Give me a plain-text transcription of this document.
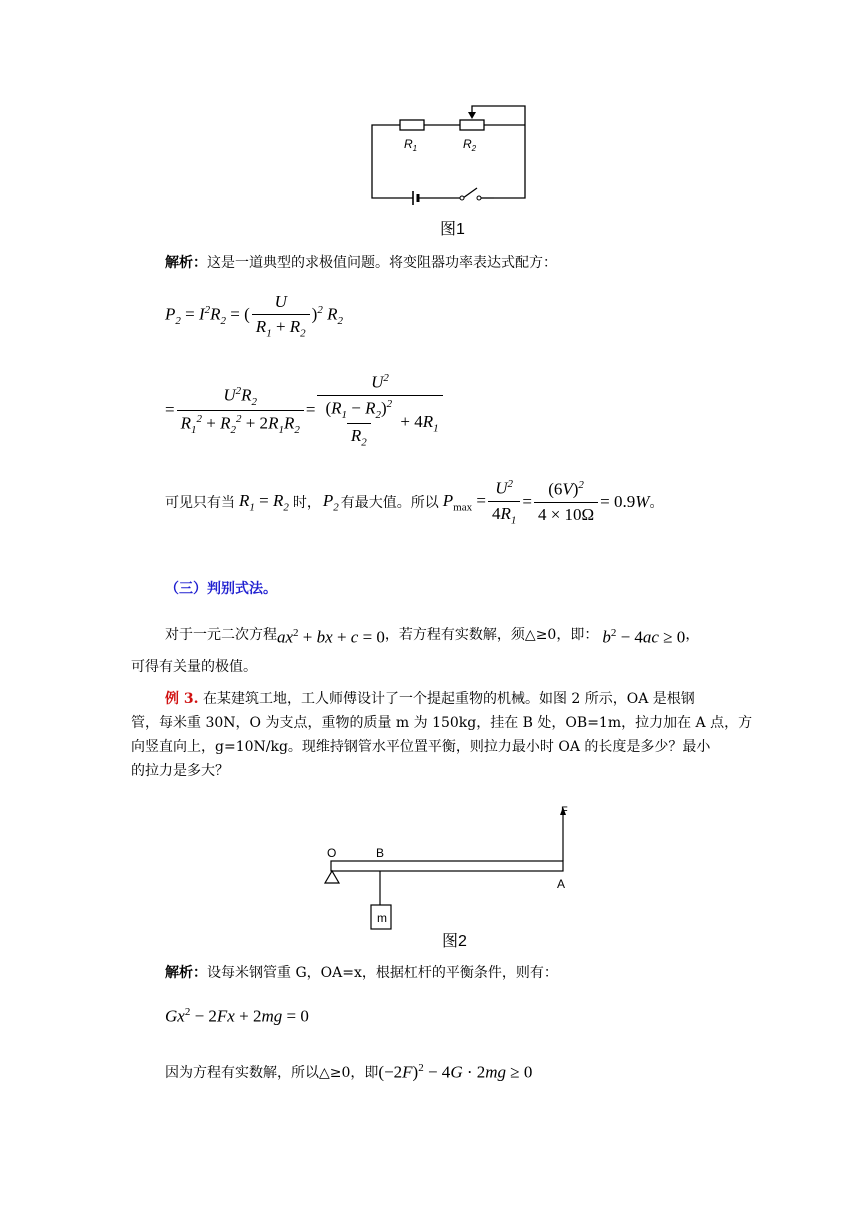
$R_1$	$R_2$
图1
解析：这是一道典型的求极值问题。将变阻器功率表达式配方：
$P_2 = I^2R_2$ = ( $\frac{U}{R_1 + R_2} )^2$ $R_2$
= $\frac{U^2R_2}{R_1^2 + R_2^2 + 2R_1R_2} = \frac{U^2}{\frac{(R_1 - R_2)^2}{R_2} + 4R_1}$
可见只有当 $R_1 = R_2$ 时， $P_2$ 有最大值。所以 $P_{max} = \frac{U^2}{4R_1} = \frac{(6V)^2}{4 \times 10\Omega} = 0.9$ W 。
（三）判别式法。
对于一元二次方程 $ax^2$ + bx + c = 0 ，若方程有实数解，须△≥0，即： $b^2 - 4ac \ge 0$ ，
可得有关量的极值。
例 3. 在某建筑工地，工人师傅设计了一个提起重物的机械。如图 2 所示，OA 是根钢
管，每米重 30N，O 为支点，重物的质量 m 为 150kg，挂在 B 处，OB=1m，拉力加在 A 点，方
向竖直向上，g=10N/kg。现维持钢管水平位置平衡，则拉力最小时 OA 的长度是多少？最小
的拉力是多大？
O	B
A
F
m
图2
解析：设每米钢管重 G，OA=x，根据杠杆的平衡条件，则有：
$Gx^2 - 2Fx + 2mg = 0$
因为方程有实数解，所以△≥0，即 $(-2F)^2 - 4G \cdot 2mg \ge 0$
